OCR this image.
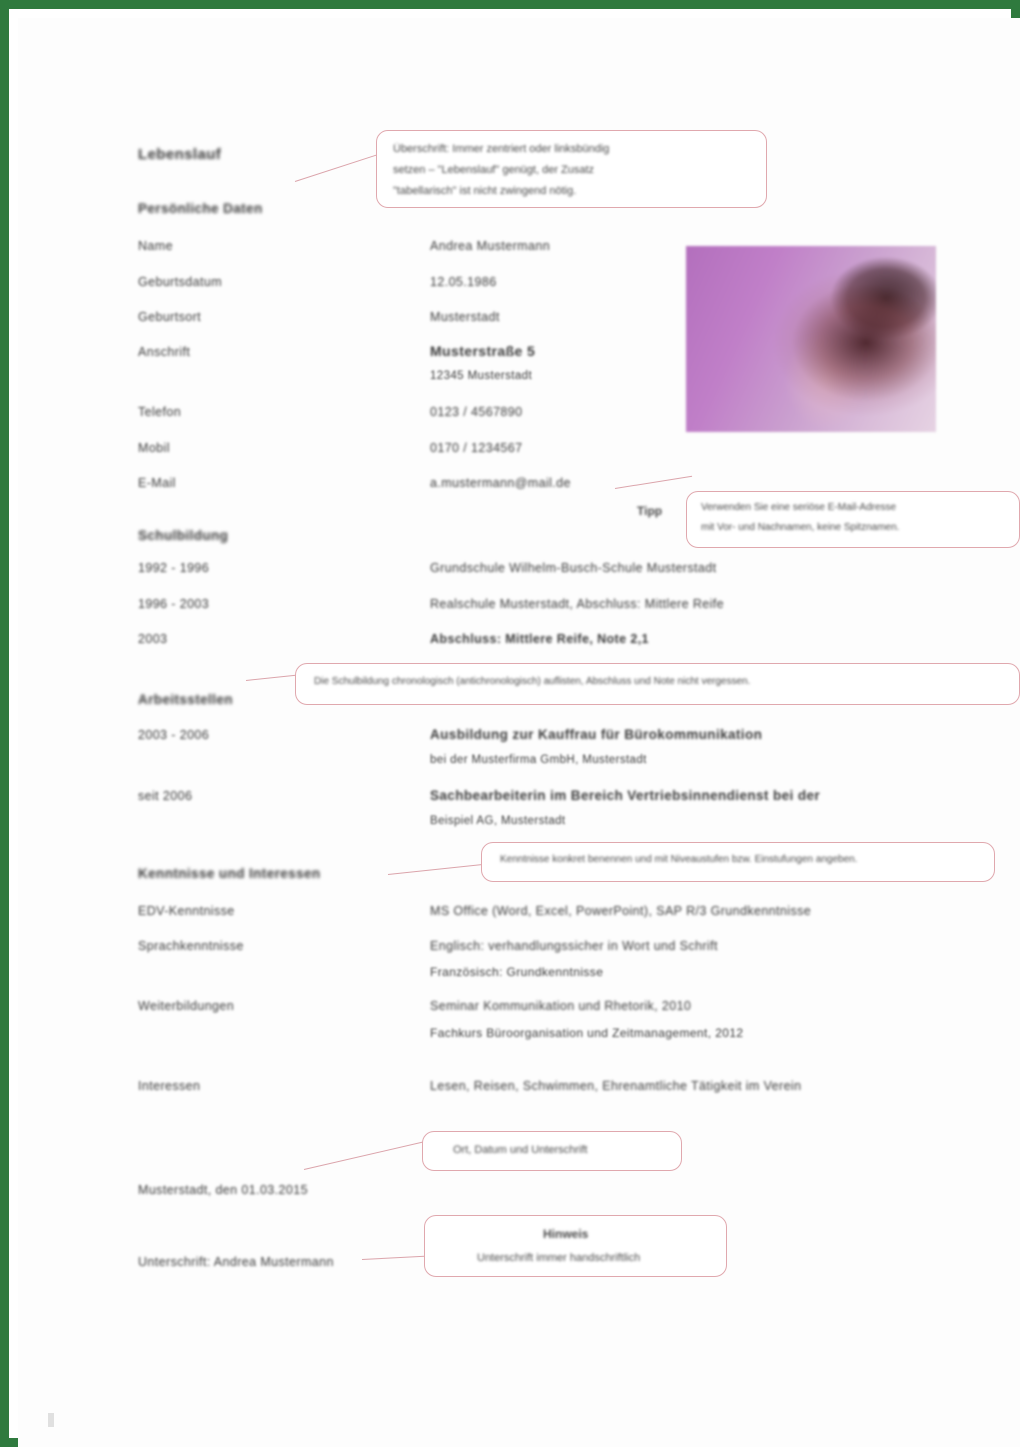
Lebenslauf
Persönliche Daten
Name	Andrea Mustermann
Geburtsdatum	12.05.1986
Geburtsort	Musterstadt
Anschrift	Musterstraße 5
12345 Musterstadt
Telefon	0123 / 4567890
Mobil	0170 / 1234567
E-Mail	a.mustermann@mail.de
Schulbildung
1992 - 1996	Grundschule Wilhelm-Busch-Schule Musterstadt
1996 - 2003	Realschule Musterstadt, Abschluss: Mittlere Reife
2003	Abschluss: Mittlere Reife, Note 2,1
Arbeitsstellen
2003 - 2006	Ausbildung zur Kauffrau für Bürokommunikation
bei der Musterfirma GmbH, Musterstadt
seit 2006	Sachbearbeiterin im Bereich Vertriebsinnendienst bei der
Beispiel AG, Musterstadt
Kenntnisse und Interessen
EDV-Kenntnisse	MS Office (Word, Excel, PowerPoint), SAP R/3 Grundkenntnisse
Sprachkenntnisse	Englisch: verhandlungssicher in Wort und Schrift
Französisch: Grundkenntnisse
Weiterbildungen	Seminar Kommunikation und Rhetorik, 2010
Fachkurs Büroorganisation und Zeitmanagement, 2012
Interessen	Lesen, Reisen, Schwimmen, Ehrenamtliche Tätigkeit im Verein
Musterstadt, den 01.03.2015
Unterschrift: Andrea Mustermann
Überschrift: Immer zentriert oder linksbündig
setzen – "Lebenslauf" genügt, der Zusatz
"tabellarisch" ist nicht zwingend nötig.
Tipp	Verwenden Sie eine seriöse E-Mail-Adresse
mit Vor- und Nachnamen, keine Spitznamen.
Die Schulbildung chronologisch (antichronologisch) auflisten, Abschluss und Note nicht vergessen.
Kenntnisse konkret benennen und mit Niveaustufen bzw. Einstufungen angeben.
Ort, Datum und Unterschrift
Hinweis
Unterschrift immer handschriftlich
